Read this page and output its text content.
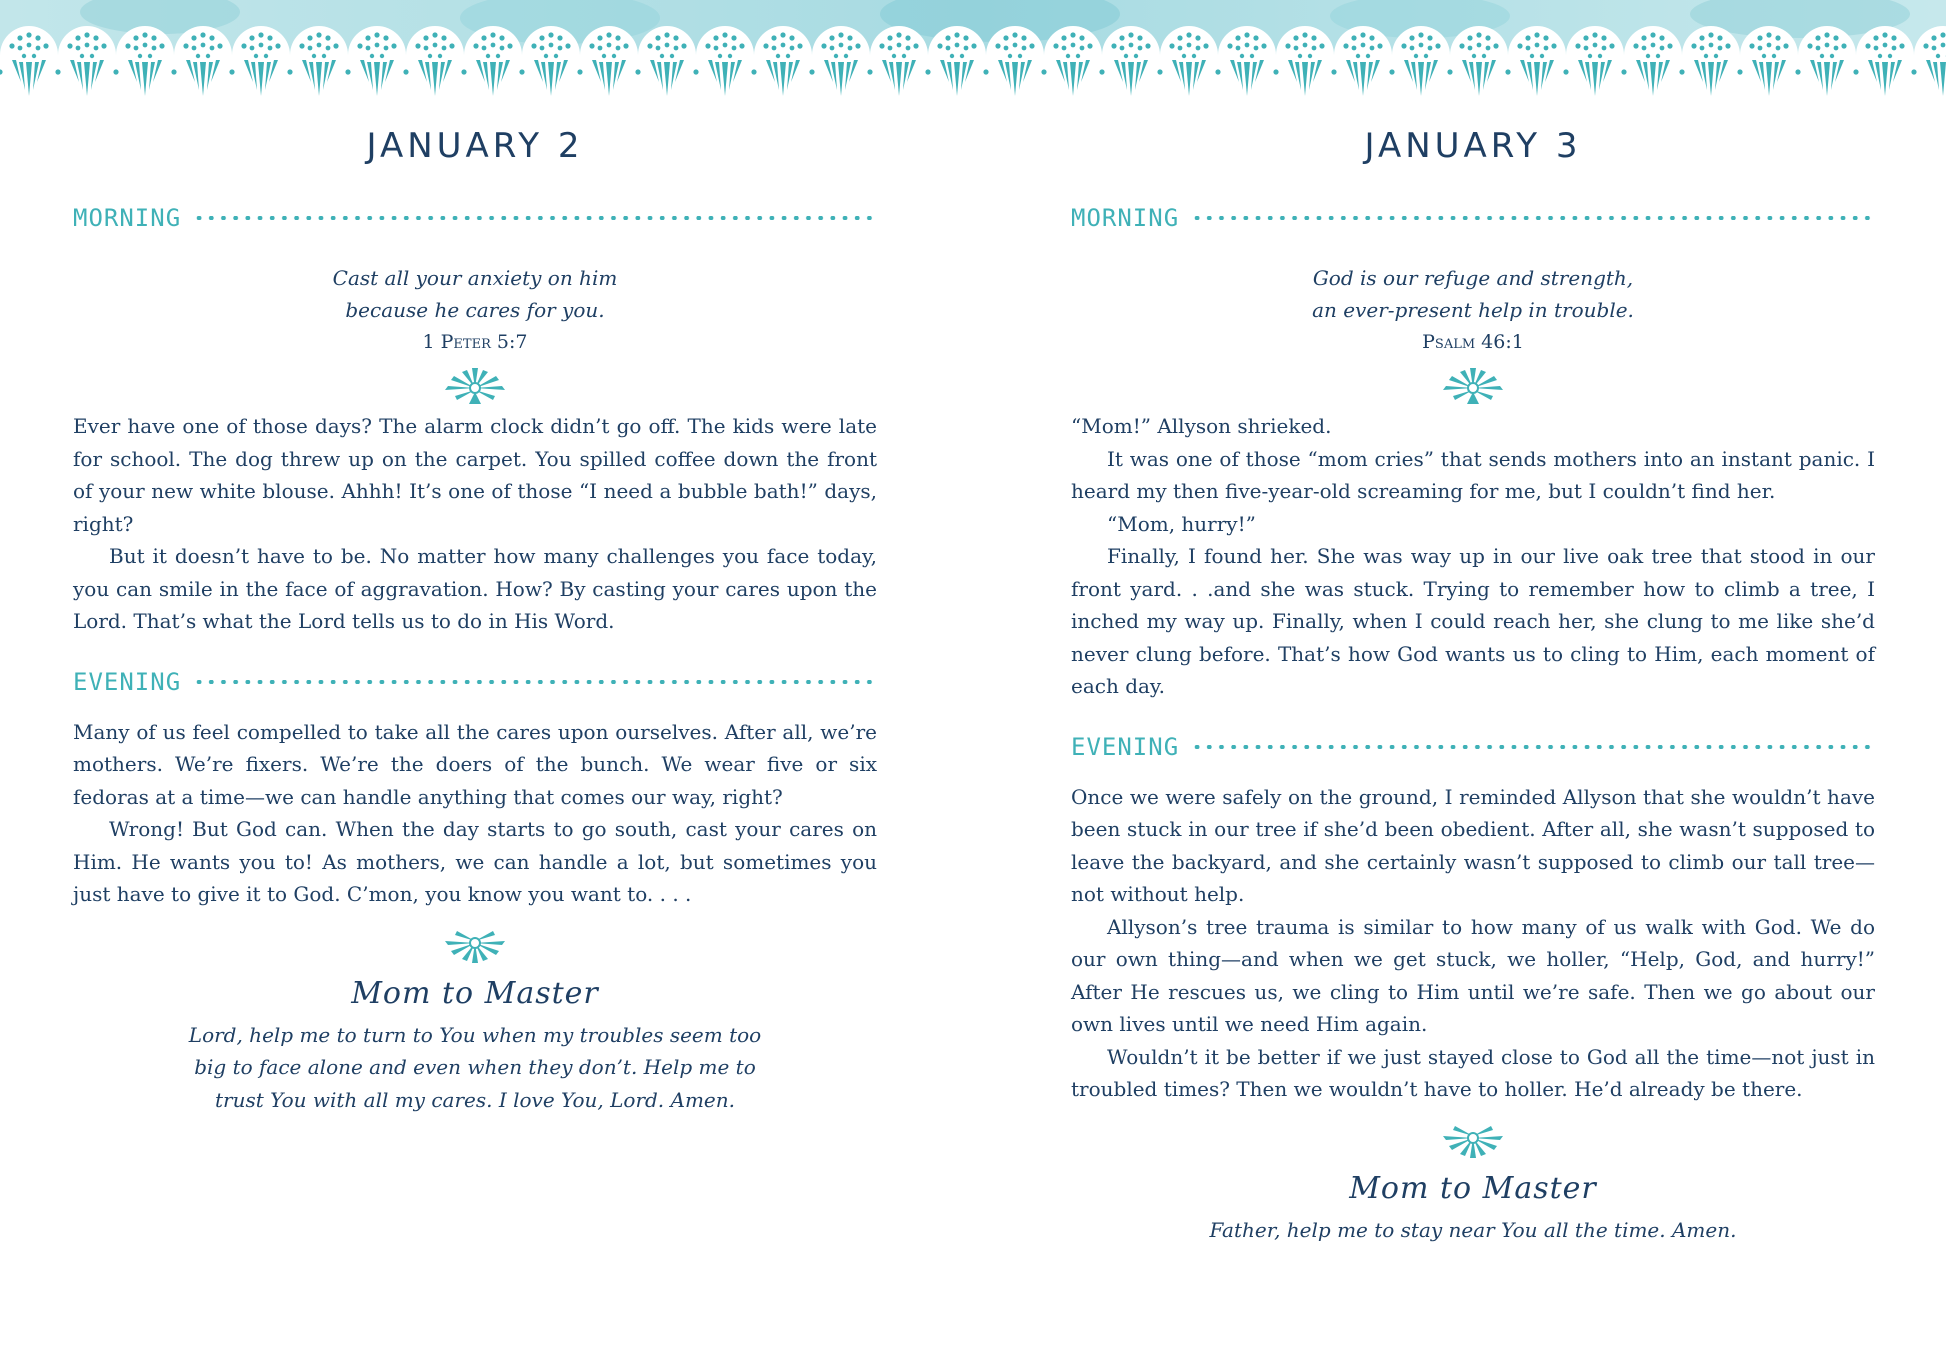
JANUARY 2
MORNING
Cast all your anxiety on him
because he cares for you.
1 Peter 5:7

Ever have one of those days? The alarm clock didn’t go off. The kids were late for school. The dog threw up on the carpet. You spilled coffee down the front of your new white blouse. Ahhh! It’s one of those “I need a bubble bath!” days, right?

But it doesn’t have to be. No matter how many challenges you face today, you can smile in the face of aggravation. How? By casting your cares upon the Lord. That’s what the Lord tells us to do in His Word.

EVENING

Many of us feel compelled to take all the cares upon ourselves. After all, we’re mothers. We’re fixers. We’re the doers of the bunch. We wear five or six fedoras at a time—we can handle anything that comes our way, right?

Wrong! But God can. When the day starts to go south, cast your cares on Him. He wants you to! As mothers, we can handle a lot, but sometimes you just have to give it to God. C’mon, you know you want to. . . .

Mom to Master
Lord, help me to turn to You when my troubles seem too
big to face alone and even when they don’t. Help me to
trust You with all my cares. I love You, Lord. Amen.
JANUARY 3
MORNING
God is our refuge and strength,
an ever-present help in trouble.
Psalm 46:1

“Mom!” Allyson shrieked.

It was one of those “mom cries” that sends mothers into an instant panic. I heard my then five-year-old screaming for me, but I couldn’t find her.

“Mom, hurry!”

Finally, I found her. She was way up in our live oak tree that stood in our front yard. . .and she was stuck. Trying to remember how to climb a tree, I inched my way up. Finally, when I could reach her, she clung to me like she’d never clung before. That’s how God wants us to cling to Him, each moment of each day.

EVENING

Once we were safely on the ground, I reminded Allyson that she wouldn’t have been stuck in our tree if she’d been obedient. After all, she wasn’t supposed to leave the backyard, and she certainly wasn’t supposed to climb our tall tree—not without help.

Allyson’s tree trauma is similar to how many of us walk with God. We do our own thing—and when we get stuck, we holler, “Help, God, and hurry!” After He rescues us, we cling to Him until we’re safe. Then we go about our own lives until we need Him again.

Wouldn’t it be better if we just stayed close to God all the time—not just in troubled times? Then we wouldn’t have to holler. He’d already be there.

Mom to Master
Father, help me to stay near You all the time. Amen.
